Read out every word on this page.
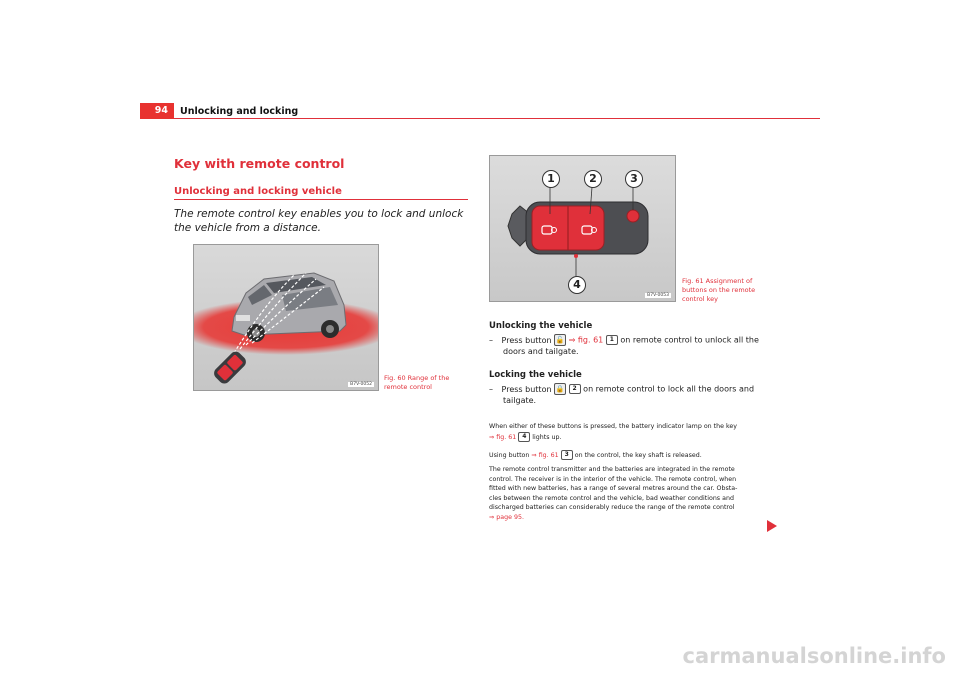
94	Unlocking and locking
Key with remote control
Unlocking and locking vehicle
The remote control key enables you to lock and unlock the vehicle from a distance.
B7V-0052
Fig. 60 Range of the remote control
1	2	3
4
B7V-0053
Fig. 61 Assignment of buttons on the remote control key
Unlocking the vehicle
– Press button 🔓 ⇒ fig. 61 1 on remote control to unlock all the
doors and tailgate.
Locking the vehicle
– Press button 🔒 2 on remote control to lock all the doors and
tailgate.
When either of these buttons is pressed, the battery indicator lamp on the key
⇒ fig. 61 4 lights up.
Using button ⇒ fig. 61 3 on the control, the key shaft is released.
The remote control transmitter and the batteries are integrated in the remote
control. The receiver is in the interior of the vehicle. The remote control, when
fitted with new batteries, has a range of several metres around the car. Obsta-
cles between the remote control and the vehicle, bad weather conditions and
discharged batteries can considerably reduce the range of the remote control
⇒ page 95.
carmanualsonline.info
